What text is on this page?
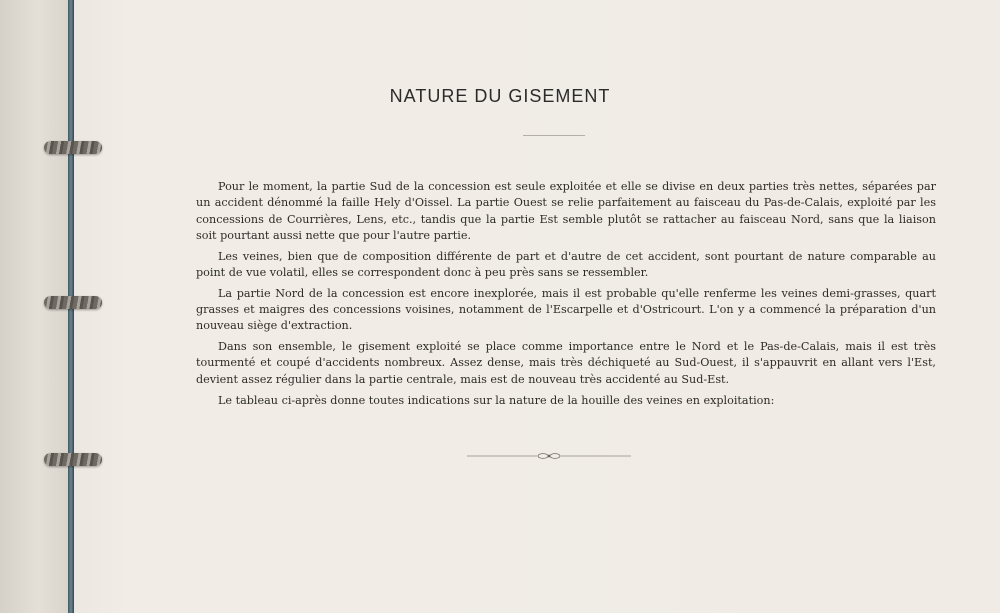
NATURE DU GISEMENT

Pour le moment, la partie Sud de la concession est seule exploitée et elle se divise en deux parties très nettes, séparées par un accident dénommé la faille Hely d'Oissel. La partie Ouest se relie parfaitement au faisceau du Pas-de-Calais, exploité par les concessions de Courrières, Lens, etc., tandis que la partie Est semble plutôt se rattacher au faisceau Nord, sans que la liaison soit pourtant aussi nette que pour l'autre partie.

Les veines, bien que de composition différente de part et d'autre de cet accident, sont pourtant de nature comparable au point de vue volatil, elles se correspondent donc à peu près sans se ressembler.

La partie Nord de la concession est encore inexplorée, mais il est probable qu'elle renferme les veines demi-grasses, quart grasses et maigres des concessions voisines, notamment de l'Escarpelle et d'Ostricourt. L'on y a commencé la préparation d'un nouveau siège d'extraction.

Dans son ensemble, le gisement exploité se place comme importance entre le Nord et le Pas-de-Calais, mais il est très tourmenté et coupé d'accidents nombreux. Assez dense, mais très déchiqueté au Sud-Ouest, il s'appauvrit en allant vers l'Est, devient assez régulier dans la partie centrale, mais est de nouveau très accidenté au Sud-Est.

Le tableau ci-après donne toutes indications sur la nature de la houille des veines en exploitation:
